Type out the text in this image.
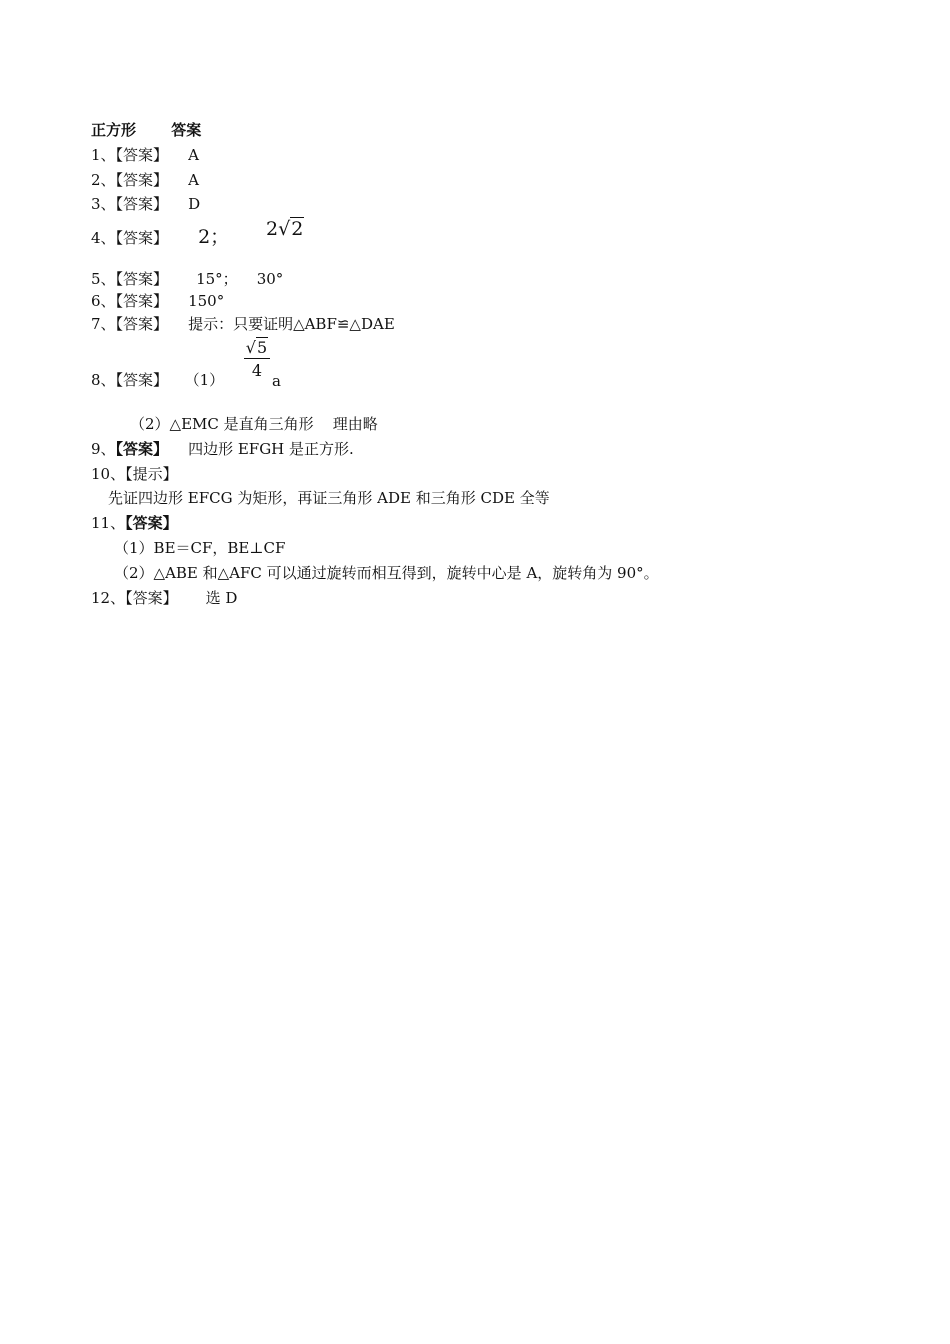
正方形 答案
1、【答案】 A
2、【答案】 A
3、【答案】 D
4、【答案】 2； 2√2
5、【答案】 15°；    30°
6、【答案】 150°
7、【答案】 提示：只要证明△ABF≌△DAE
8、【答案】 $(1) \frac{√5}{4}$
a
（2）△EMC 是直角三角形    理由略
9、【答案】 四边形 EFGH 是正方形.
10、【提示】
先证四边形 EFCG 为矩形，再证三角形 ADE 和三角形 CDE 全等
11、【答案】
（1）BE＝CF，BE⊥CF
（2）△ABE 和△AFC 可以通过旋转而相互得到，旋转中心是 A，旋转角为 90°。
12、【答案】 选 D
